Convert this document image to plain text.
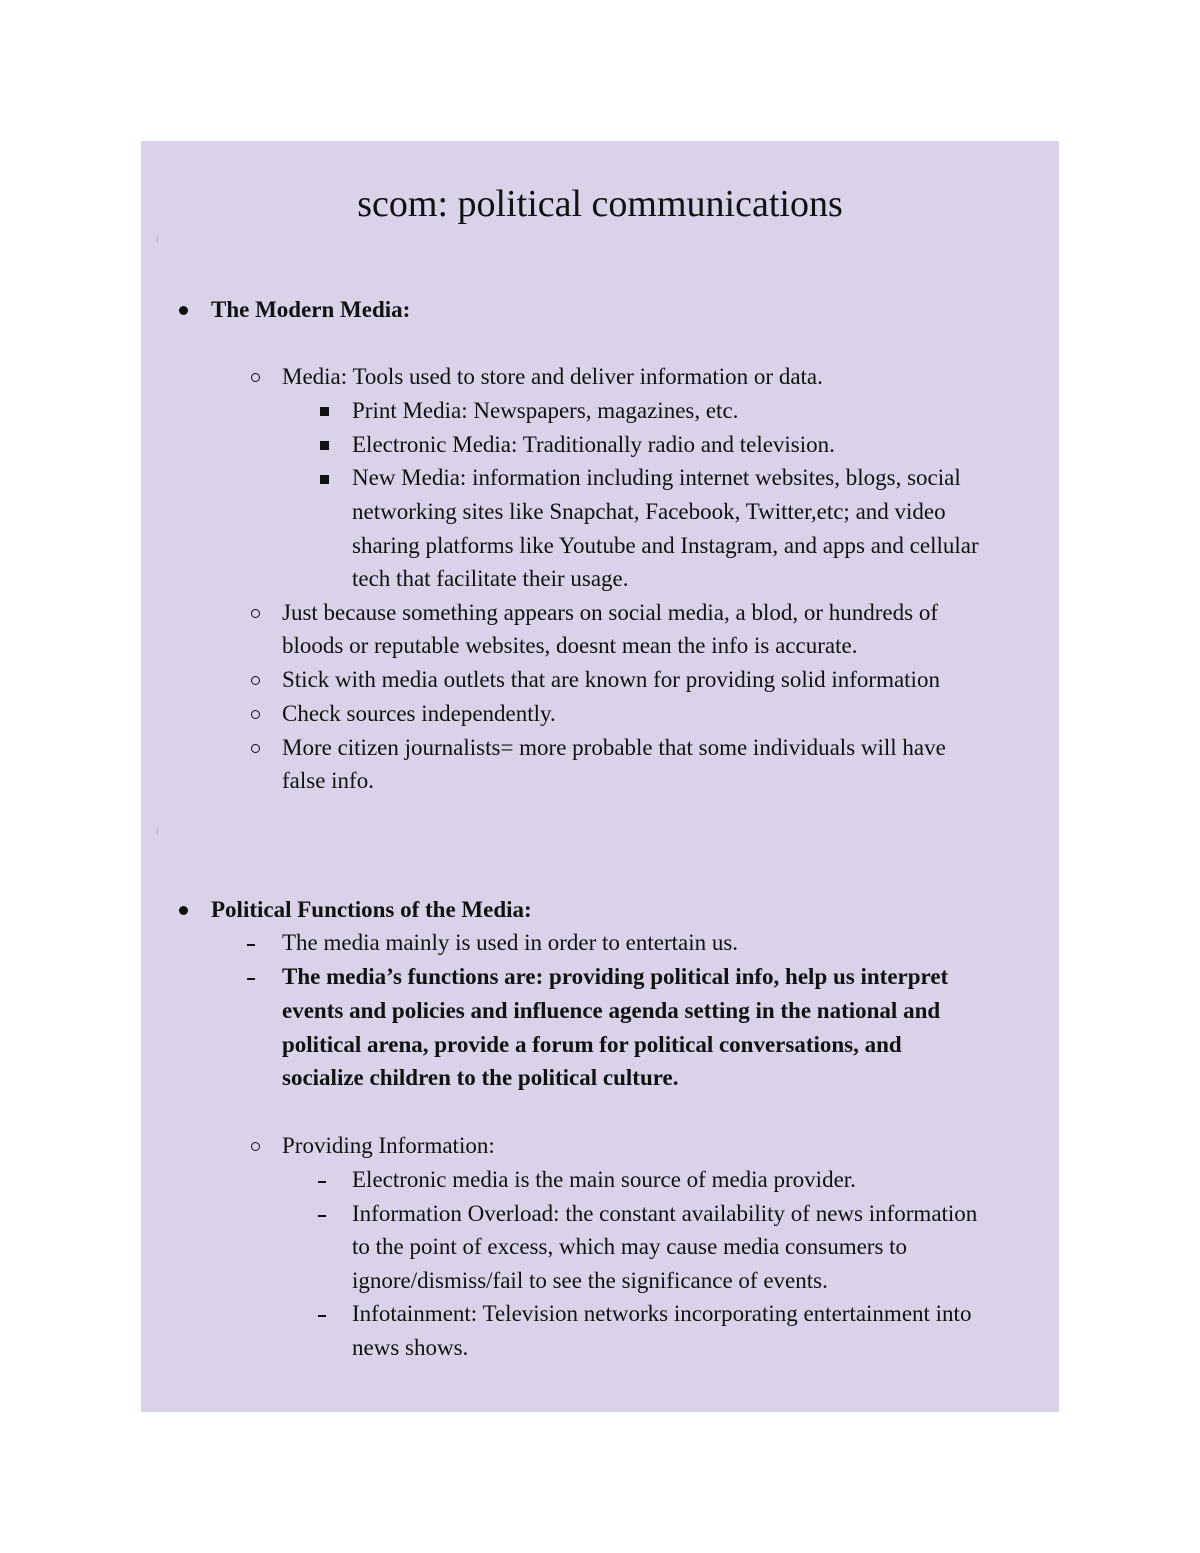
scom: political communications
The Modern Media:
Media: Tools used to store and deliver information or data.
Print Media: Newspapers, magazines, etc.
Electronic Media: Traditionally radio and television.
New Media: information including internet websites, blogs, social
networking sites like Snapchat, Facebook, Twitter,etc; and video
sharing platforms like Youtube and Instagram, and apps and cellular
tech that facilitate their usage.
Just because something appears on social media, a blod, or hundreds of
bloods or reputable websites, doesnt mean the info is accurate.
Stick with media outlets that are known for providing solid information
Check sources independently.
More citizen journalists= more probable that some individuals will have
false info.
Political Functions of the Media:
The media mainly is used in order to entertain us.
The media’s functions are: providing political info, help us interpret
events and policies and influence agenda setting in the national and
political arena, provide a forum for political conversations, and
socialize children to the political culture.
Providing Information:
Electronic media is the main source of media provider.
Information Overload: the constant availability of news information
to the point of excess, which may cause media consumers to
ignore/dismiss/fail to see the significance of events.
Infotainment: Television networks incorporating entertainment into
news shows.
